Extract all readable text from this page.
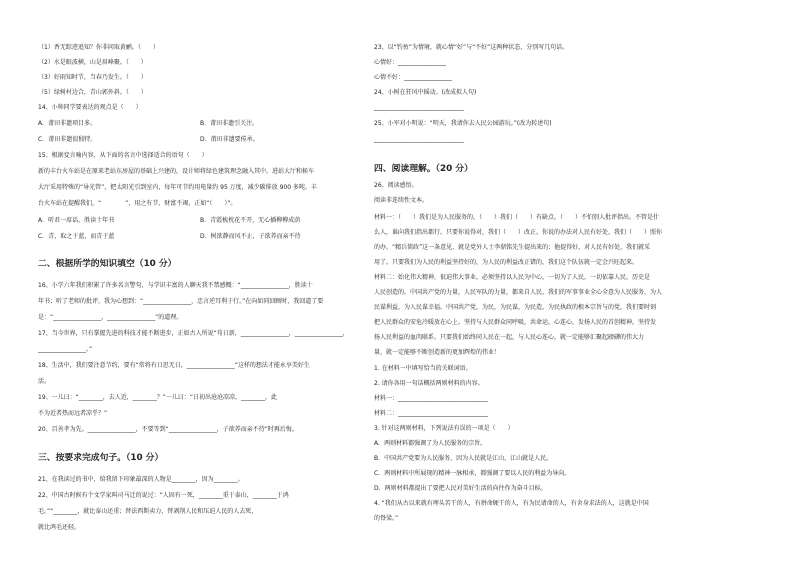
（1）香无踪迹追知？你非问取黄鹂。（　　）
（2）水是眼波横，山是眉峰聚。（　　）
（3）好雨知时节，当春乃发生。（　　）
（5）绿树村边合，青山郭外斜。（　　）
14、小帅同学要表达的观点是（　　）
A．莆田非遗项目多。	B．莆田非遗引关注。
C．莆田非遗很独特。	D．莆田非遗要传承。
15、根据変言喻内容，从下面的名言中选择适合的语句（　　）
新的丰台火车站是在原来老站东房屋的基础上兴建的，设计师将绿色建筑理念融入其中。进站大厅和候车
大厅采用特殊的“导光管”，把太阳光引到室内，每年可节约用电量约 95 万度，减少碳排放 900 多吨。丰
台火车站在提醒我们，“　　　　”，用之有节，财富不竭，正如“（　　）”。
A．听君一席话，胜读十年书	B．青霞梳枕花不开，无心插柳柳成荫
C．青，取之于蓝，而青于蓝	D．树欲静而风不止，子欲养而亲不待
16、小学六年我们积累了许多名言警句，与学识丰富的人聊天我不禁感慨：“________________，胜读十
年书；听了老师的批评，我为心想到：“________________，忠言逆耳利于行。”在向如同回顾时，我回道了要
是：“________________，________________”的道理。
17、当今世界，只有掌握先进的科技才能不断进步，正如古人所说“苟日新，________________，________________，
________________。”
18、生活中，我们要注意节约，要有“常将有日思无日，________________”这样的想法才能永享美好生
活。
19、一儿曰：“________，去人近，________？”一儿曰：“日初出沧沧凉凉，________，此
不为近者热而远者凉乎？”
20、百善孝为先。________________，不要等到“________________，子欲养而亲不待”时再后悔。
21、在我读过的书中，给我留下印象最深的人物是________，因为________。
22、中国古时候有个文学家叫司马迁的说过：“人固有一死，________重于泰山，________于鸿
毛。”“________，就比泰山还重；替法西斯卖力，替剥削人民和压迫人民的人去死，
就比鸿毛还轻。
二、根据所学的知识填空（10 分）
三、按要求完成句子。（10 分）
23、以“钓鱼”为情境，就心情“好”与“不好”这两种状态，分别写几句话。
心情好：________________
心情不好：________________
24、小树在狂风中摇动。(改成拟人句)
______________________________
25、小军对小明说：“明天，我请你去人民公园游玩。”(改为转述句)
______________________________
26、阅读感悟。
阅读非连续性文本。
材料一：（　　）我们是为人民服务的，（　　）我们（　　）有缺点，（　　）不怕别人批评指出。不管是什
么人，谁向我们指出都行。只要你说得对，我们（　　）改正。你说的办法对人民有好处，我们（　　）照你
的办。“精兵简政”这一条意见，就是党外人士李鼎铭先生提出来的；他提得好，对人民有好处，我们就采
用了。只要我们为人民的利益坚持好的，为人民的利益改正错的，我们这个队伍就一定会兴旺起来。
材料二：始化伟大精神，很迫伟大事业，必须坚持以人民为中心，一切为了人民，一切依靠人民。历史是
人民创造的。中国共产党的力量，人民军队的力量，都来自人民。我们的军事事业全心全意为人民服务，为人
民谋利益，为人民谋幸福。中国共产党，为民，为民谋，为民造，为民执政的根本宗旨与的党，我们要时刻
把人民群众的安危冷暖放在心上。坚持与人民群众同呼吸，共命运，心连心，发扬人民的首创精神，坚持发
扬人民利益的血肉联系。只要我们始终同人民在一起，与人民心连心，就一定能够汇聚起磅礴的伟大力
量，就一定能够不断创造新的更加辉煌的伟业！
1. 在材料一中填写恰当的关联词语。
2. 请你各用一句话概括两则材料的内容。
材料一：______________________________
材料二：______________________________
3. 针对这两则材料，下列说法有误的一项是（　　）
A．两则材料都强调了为人民服务的宗旨。
B．中国共产党要为人民服务，因为人民就是江山，江山就是人民。
C．两则材料中所展现的精神一脉相承，都强调了要以人民的利益为导向。
D．两则材料都提出了要把人民对美好生活的向往作为奋斗目标。
4. “我们从古以来就有埋头苦干的人，有拼命硬干的人，有为民请命的人，有舍身求法的人，这就是中国
的脊梁。”
四、阅读理解。（20 分）
